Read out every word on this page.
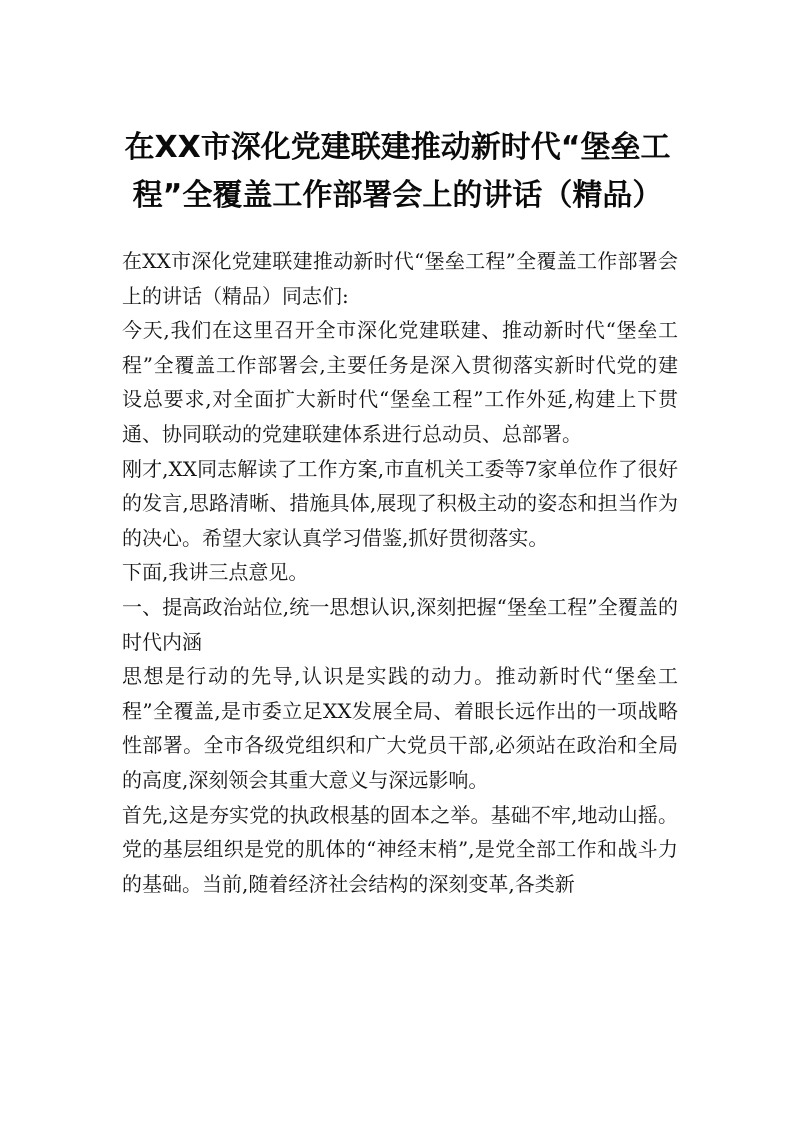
在XX市深化党建联建推动新时代“堡垒工程”全覆盖工作部署会上的讲话（精品）

在XX市深化党建联建推动新时代“堡垒工程”全覆盖工作部署会上的讲话（精品）同志们:

今天,我们在这里召开全市深化党建联建、推动新时代“堡垒工程”全覆盖工作部署会,主要任务是深入贯彻落实新时代党的建设总要求,对全面扩大新时代“堡垒工程”工作外延,构建上下贯通、协同联动的党建联建体系进行总动员、总部署。

刚才,XX同志解读了工作方案,市直机关工委等7家单位作了很好的发言,思路清晰、措施具体,展现了积极主动的姿态和担当作为的决心。希望大家认真学习借鉴,抓好贯彻落实。

下面,我讲三点意见。

一、提高政治站位,统一思想认识,深刻把握“堡垒工程”全覆盖的时代内涵

思想是行动的先导,认识是实践的动力。推动新时代“堡垒工程”全覆盖,是市委立足XX发展全局、着眼长远作出的一项战略性部署。全市各级党组织和广大党员干部,必须站在政治和全局的高度,深刻领会其重大意义与深远影响。

首先,这是夯实党的执政根基的固本之举。基础不牢,地动山摇。党的基层组织是党的肌体的“神经末梢”,是党全部工作和战斗力的基础。当前,随着经济社会结构的深刻变革,各类新
